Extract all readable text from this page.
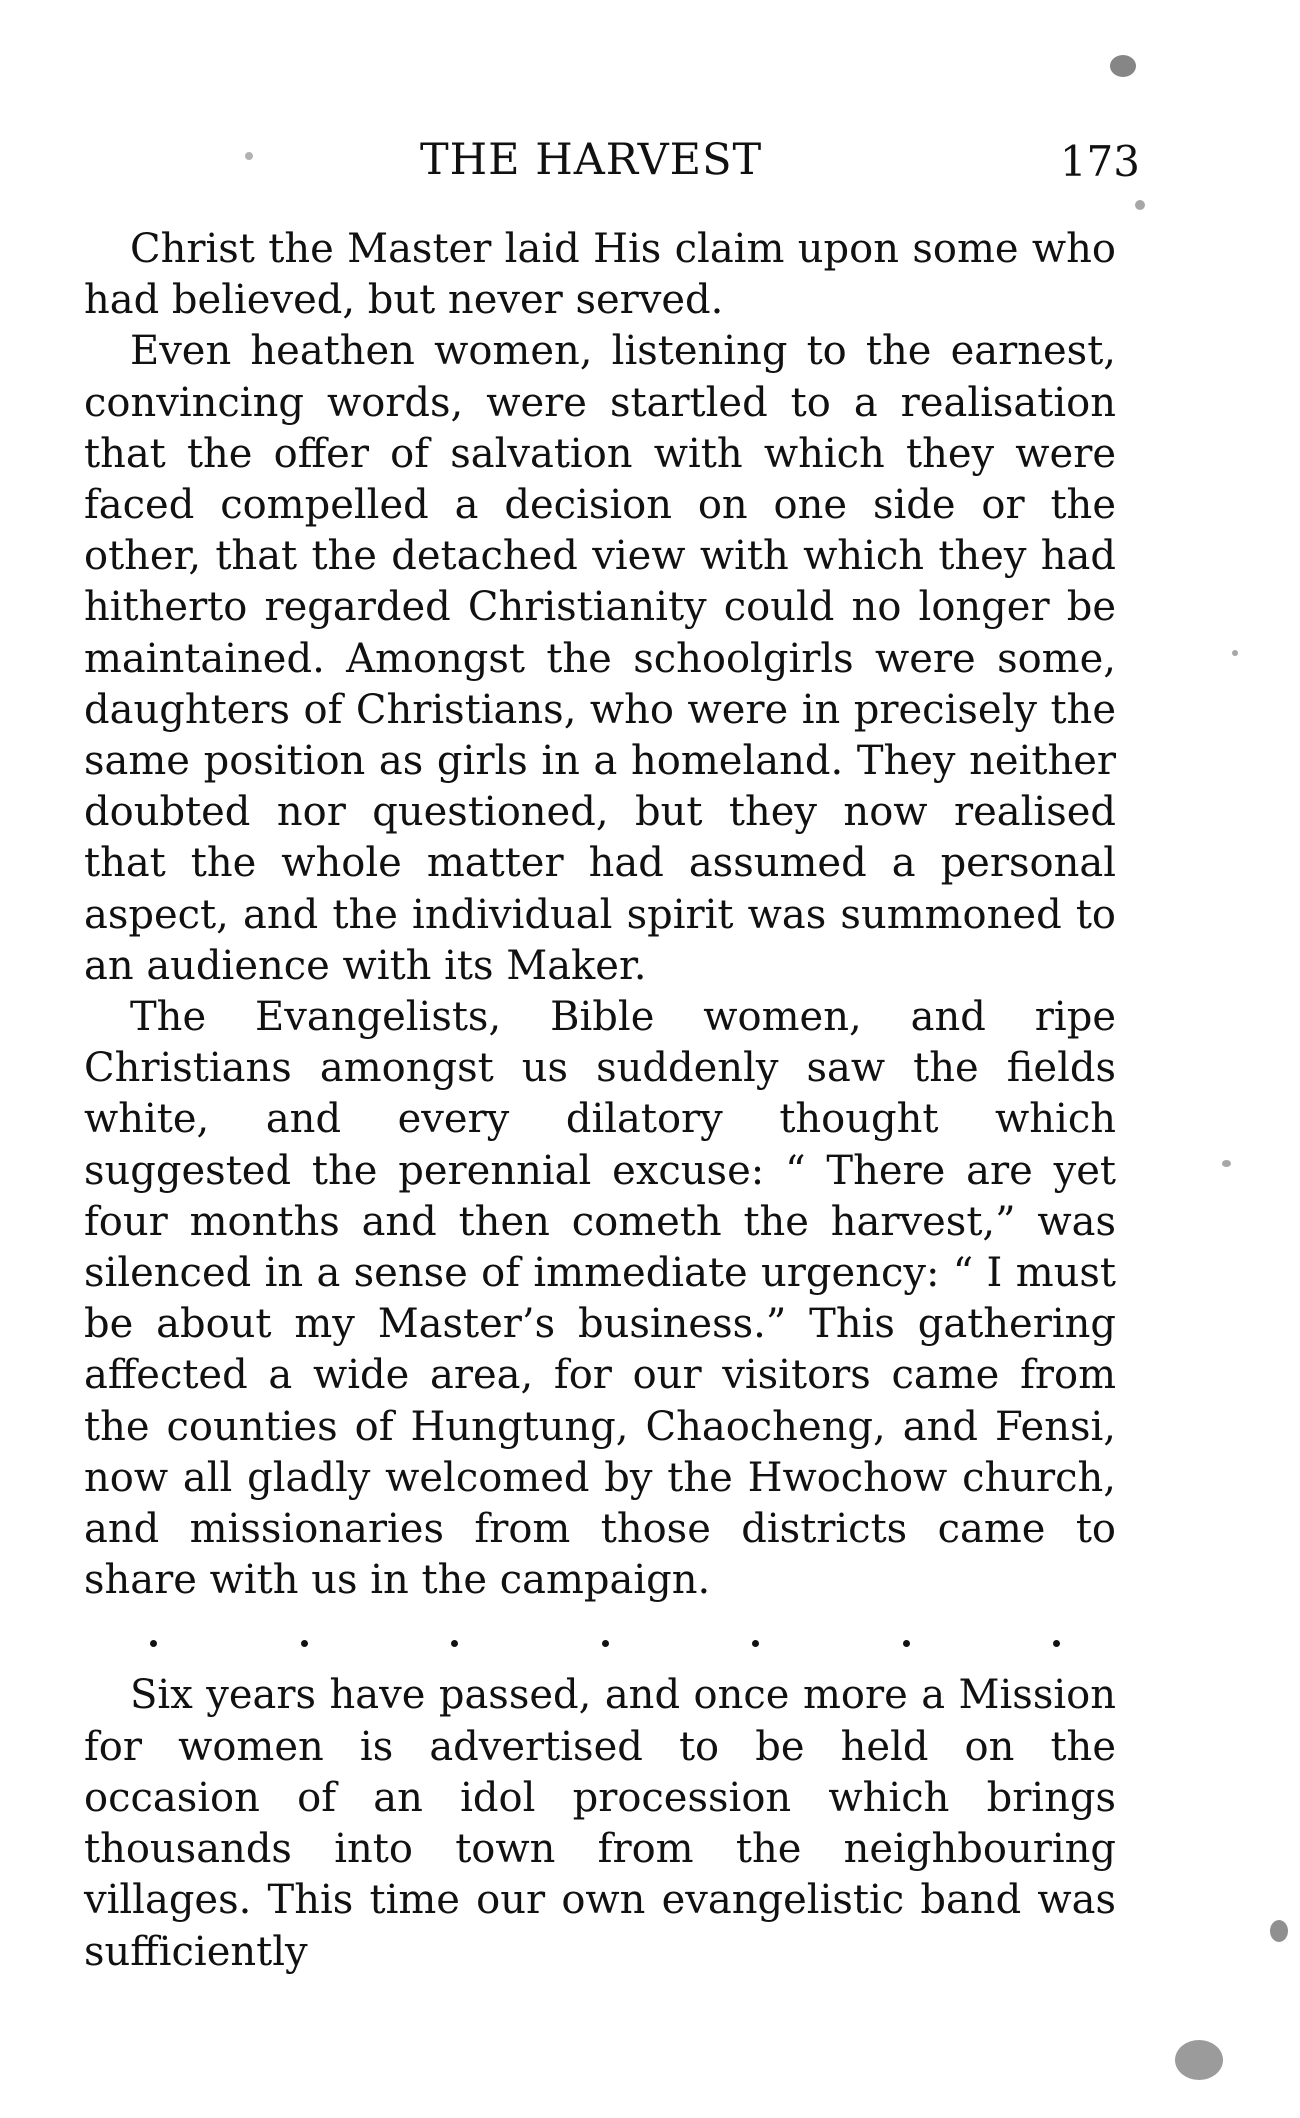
THE HARVEST	173

Christ the Master laid His claim upon some who had believed, but never served.

Even heathen women, listening to the earnest, convincing words, were startled to a realisation that the offer of salvation with which they were faced compelled a decision on one side or the other, that the detached view with which they had hitherto regarded Christianity could no longer be maintained. Amongst the schoolgirls were some, daughters of Christians, who were in precisely the same position as girls in a homeland. They neither doubted nor questioned, but they now realised that the whole matter had assumed a personal aspect, and the individual spirit was summoned to an audience with its Maker.

The Evangelists, Bible women, and ripe Christians amongst us suddenly saw the fields white, and every dilatory thought which suggested the perennial excuse: “ There are yet four months and then cometh the harvest,” was silenced in a sense of immediate urgency: “ I must be about my Master’s business.” This gathering affected a wide area, for our visitors came from the counties of Hungtung, Chaocheng, and Fensi, now all gladly welcomed by the Hwochow church, and missionaries from those districts came to share with us in the campaign.

Six years have passed, and once more a Mission for women is advertised to be held on the occasion of an idol procession which brings thousands into town from the neighbouring villages. This time our own evangelistic band was sufficiently
